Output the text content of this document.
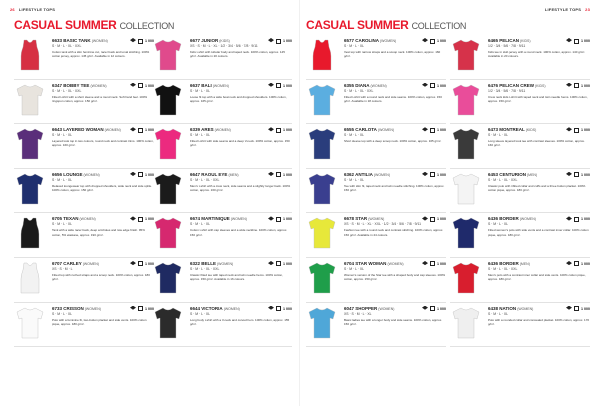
26 LIFESTYLE TOPS	LIFESTYLE TOPS 23
CASUAL SUMMER COLLECTION	CASUAL SUMMER COLLECTION
6633 BASIC TANK(WOMEN)
S · M · L · XL · XXL
1 000
Cotton tank with a slim feminine cut, racer back and tonal stitching. 100% cotton jersey, approx. 145 g/m². Available in 12 colours.
6347 BOBBY TEE(WOMEN)
S · M · L · XL · XXL
1 000
Fitted t-shirt with a short sleeve and a round neck. Soft hand feel. 100% ringspun cotton, approx. 150 g/m².
6643 LAYERED WOMAN(WOMEN)
S · M · L · XL
1 000
Layered look top in two colours, round neck and contrast trims. 100% cotton, approx. 160 g/m².
6656 LOUNGE(WOMEN)
S · M · L · XL
1 000
Relaxed loungewear top with dropped shoulders, wide neck and side splits. 100% cotton, approx. 150 g/m².
6705 TEXAN(WOMEN)
S · M · L · XL
1 000
Tank with a wide racer back, deep armholes and raw edge finish. 95% cotton, 5% elastane, approx. 190 g/m².
6707 CARLEY(WOMEN)
XS · S · M · L
1 000
Fitted top with ruched straps and a scoop neck. 100% cotton, approx. 180 g/m².
6733 CRISSON(WOMEN)
S · M · L · XL
1 000
Polo with a feminine fit, two-button placket and side vents. 100% cotton pique, approx. 180 g/m².
6677 JUNIOR(KIDS)
XS · S · M · L · XL · 1/2 · 3/4 · 5/6 · 7/8 · 9/11
1 000
Kids t-shirt with tubular body and taped neck. 100% cotton, approx. 145 g/m². Available in 20 colours.
6637 BALI(WOMEN)
S · M · L · XL
1 000
Loose fit top with a wide boat neck and dropped shoulders. 100% cotton, approx. 165 g/m².
6339 ARES(WOMEN)
S · M · L · XL
1 000
Fitted t-shirt with side seams and a deep V-neck. 100% cotton, approx. 150 g/m².
6647 RAOUL EYE(MEN)
S · M · L · XL · XXL
1 000
Men's t-shirt with a crew neck, side seams and a slightly longer back. 100% cotton, approx. 160 g/m².
6674 MARTINIQUE(WOMEN)
S · M · L · XL
1 000
Cotton t-shirt with cap sleeves and a wide neckline. 100% cotton, approx. 150 g/m².
6322 BELLE(WOMEN)
S · M · L · XL · XXL
1 000
Classic fitted tee with taped neck and twin needle hems. 100% cotton, approx. 150 g/m². Available in 16 colours.
6644 VICTORIA(WOMEN)
S · M · L · XL
1 000
Long body t-shirt with a V-neck and curved hem. 100% cotton, approx. 155 g/m².
6577 CAROLINA(WOMEN)
S · M · L · XL
1 000
Vest top with narrow straps and a scoop neck. 100% cotton, approx. 160 g/m².
6355 DIANA(WOMEN)
S · M · L · XL · XXL
1 000
Fitted t-shirt with a round neck and side seams. 100% cotton, approx. 150 g/m². Available in 18 colours.
6555 CARLOTA(WOMEN)
S · M · L · XL
1 000
Short sleeve top with a deep scoop neck. 100% cotton, approx. 165 g/m².
6362 ANTILIA(WOMEN)
S · M · L · XL
1 000
Tee with slim fit, taped neck and twin needle stitching. 100% cotton, approx. 150 g/m².
6678 STAR(WOMEN)
XS · S · M · L · XL · XXL · 1/2 · 3/4 · 5/6 · 7/8 · 9/11
1 000
Fashion tee with a round neck and contrast stitching. 100% cotton, approx. 150 g/m². Available in 24 colours.
6704 STAR WOMAN(WOMEN)
S · M · L · XL
1 000
Women's version of the Star tee with a shaped body and cap sleeves. 100% cotton, approx. 150 g/m².
6047 SHOPPER(WOMEN)
XS · S · M · L · XL
1 000
Basic ladies tee with a longer body and side seams. 100% cotton, approx. 150 g/m².
6465 PELICAN(KIDS)
1/2 · 3/4 · 5/6 · 7/8 · 9/11
1 000
Kids tee in slub jersey with a round neck. 100% cotton, approx. 140 g/m². Available in 20 colours.
6476 PELICAN CREW(KIDS)
1/2 · 3/4 · 5/6 · 7/8 · 9/11
1 000
Crew neck kids t-shirt with taped neck and twin needle hems. 100% cotton, approx. 150 g/m².
6473 MONTREAL(KIDS)
S · M · L · XL
1 000
Long sleeve layered look tee with contrast sleeves. 100% cotton, approx. 160 g/m².
6453 CENTURION(MEN)
S · M · L · XL · XXL
1 000
Classic polo with ribbed collar and cuffs and a three button placket. 100% cotton pique, approx. 180 g/m².
6436 BORDER(WOMEN)
S · M · L · XL
1 000
Fitted women's polo with side vents and a contrast inner collar. 100% cotton pique, approx. 180 g/m².
6436 BORDER(MEN)
S · M · L · XL · XXL
1 000
Men's polo with a contrast inner collar and side vents. 100% cotton pique, approx. 180 g/m².
6438 NATION(WOMEN)
S · M · L · XL
1 000
Polo with a rounded collar and concealed placket. 100% cotton, approx. 170 g/m².
